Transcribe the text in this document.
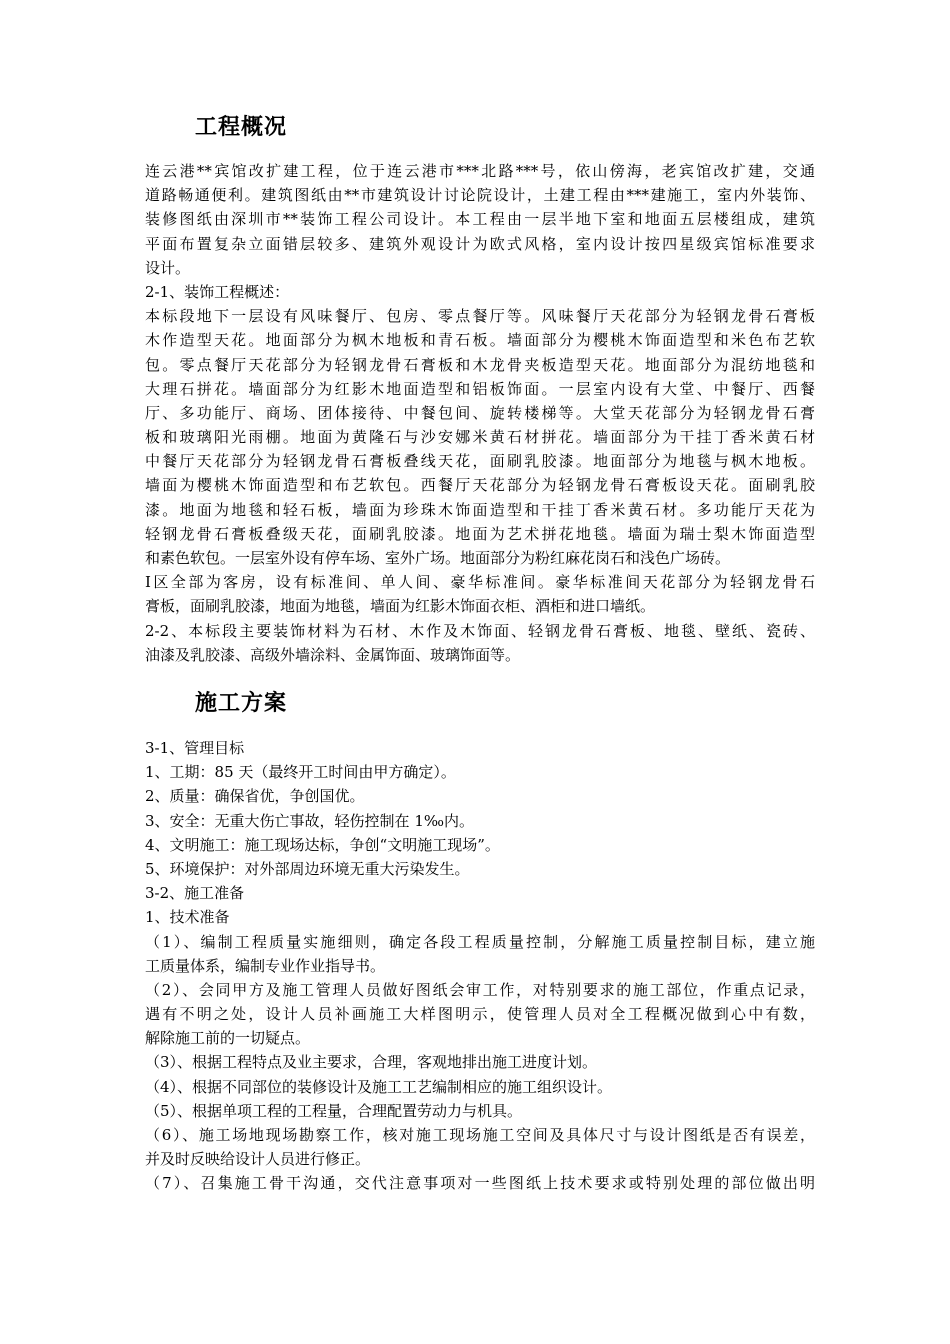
工程概况
连云港**宾馆改扩建工程，位于连云港市***北路***号，依山傍海，老宾馆改扩建，交通
道路畅通便利。建筑图纸由**市建筑设计讨论院设计，土建工程由***建施工，室内外装饰、
装修图纸由深圳市**装饰工程公司设计。本工程由一层半地下室和地面五层楼组成，建筑
平面布置复杂立面错层较多、建筑外观设计为欧式风格，室内设计按四星级宾馆标准要求
设计。
2-1、装饰工程概述：
本标段地下一层设有风味餐厅、包房、零点餐厅等。风味餐厅天花部分为轻钢龙骨石膏板
木作造型天花。地面部分为枫木地板和青石板。墙面部分为樱桃木饰面造型和米色布艺软
包。零点餐厅天花部分为轻钢龙骨石膏板和木龙骨夹板造型天花。地面部分为混纺地毯和
大理石拼花。墙面部分为红影木地面造型和铝板饰面。一层室内设有大堂、中餐厅、西餐
厅、多功能厅、商场、团体接待、中餐包间、旋转楼梯等。大堂天花部分为轻钢龙骨石膏
板和玻璃阳光雨棚。地面为黄隆石与沙安娜米黄石材拼花。墙面部分为干挂丁香米黄石材
中餐厅天花部分为轻钢龙骨石膏板叠线天花，面刷乳胶漆。地面部分为地毯与枫木地板。
墙面为樱桃木饰面造型和布艺软包。西餐厅天花部分为轻钢龙骨石膏板设天花。面刷乳胶
漆。地面为地毯和轻石板，墙面为珍珠木饰面造型和干挂丁香米黄石材。多功能厅天花为
轻钢龙骨石膏板叠级天花，面刷乳胶漆。地面为艺术拼花地毯。墙面为瑞士梨木饰面造型
和素色软包。一层室外设有停车场、室外广场。地面部分为粉红麻花岗石和浅色广场砖。
Ⅰ区全部为客房，设有标准间、单人间、豪华标准间。豪华标准间天花部分为轻钢龙骨石
膏板，面刷乳胶漆，地面为地毯，墙面为红影木饰面衣柜、酒柜和进口墙纸。
2-2、本标段主要装饰材料为石材、木作及木饰面、轻钢龙骨石膏板、地毯、壁纸、瓷砖、
油漆及乳胶漆、高级外墙涂料、金属饰面、玻璃饰面等。
施工方案
3-1、管理目标
1、工期：85 天（最终开工时间由甲方确定）。
2、质量：确保省优，争创国优。
3、安全：无重大伤亡事故，轻伤控制在 1‰内。
4、文明施工：施工现场达标，争创“文明施工现场”。
5、环境保护：对外部周边环境无重大污染发生。
3-2、施工准备
1、技术准备
（1）、编制工程质量实施细则，确定各段工程质量控制，分解施工质量控制目标，建立施
工质量体系，编制专业作业指导书。
（2）、会同甲方及施工管理人员做好图纸会审工作，对特别要求的施工部位，作重点记录，
遇有不明之处，设计人员补画施工大样图明示，使管理人员对全工程概况做到心中有数，
解除施工前的一切疑点。
（3）、根据工程特点及业主要求，合理，客观地排出施工进度计划。
（4）、根据不同部位的装修设计及施工工艺编制相应的施工组织设计。
（5）、根据单项工程的工程量，合理配置劳动力与机具。
（6）、施工场地现场勘察工作，核对施工现场施工空间及具体尺寸与设计图纸是否有误差，
并及时反映给设计人员进行修正。
（7）、召集施工骨干沟通，交代注意事项对一些图纸上技术要求或特别处理的部位做出明
